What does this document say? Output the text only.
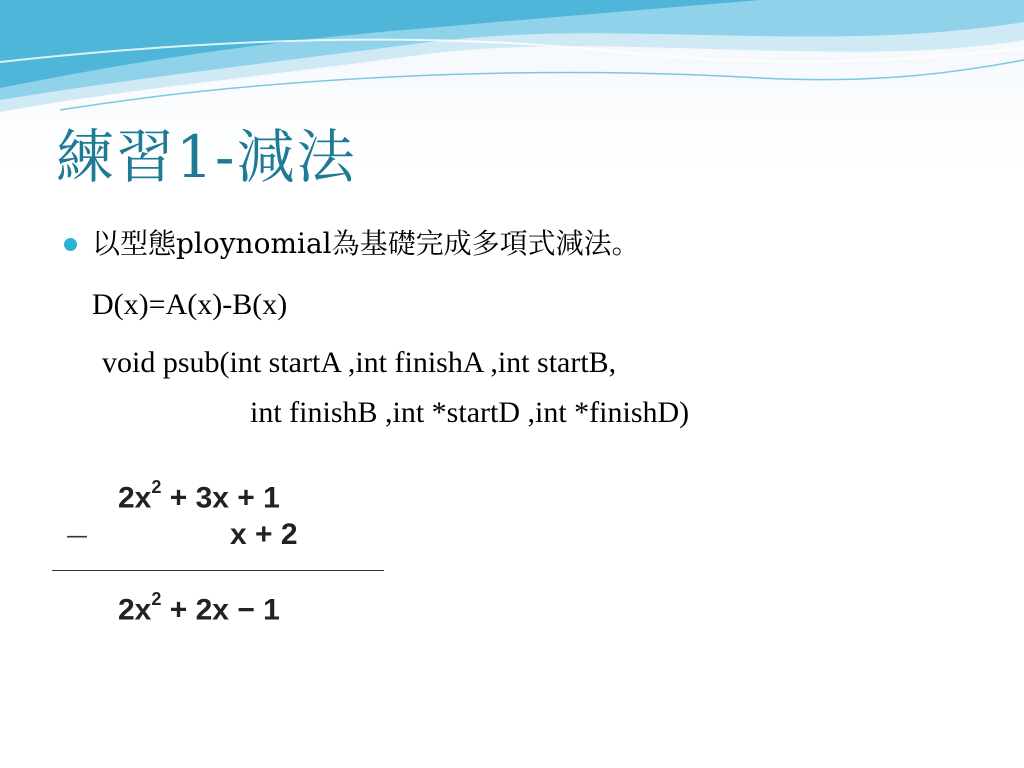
練習1-減法
以型態ploynomial為基礎完成多項式減法。
D(x)=A(x)-B(x)
void psub(int startA ,int finishA ,int startB,
int finishB ,int *startD ,int *finishD)
$2x^2 + 3x + 1$
—	x + 2
$2x^2 + 2x - 1$
